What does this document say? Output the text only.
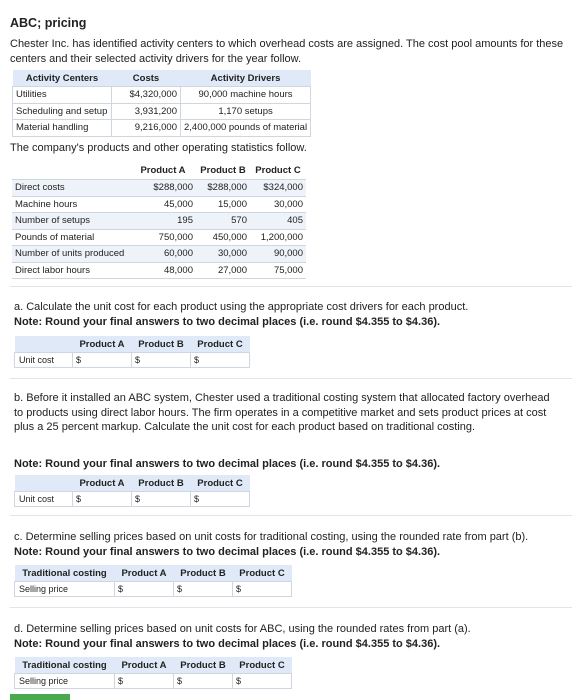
ABC; pricing
Chester Inc. has identified activity centers to which overhead costs are assigned. The cost pool amounts for these centers and their selected activity drivers for the year follow.
Activity Centers	Costs	Activity Drivers
Utilities	$4,320,000	90,000 machine hours
Scheduling and setup	3,931,200	1,170 setups
Material handling	9,216,000	2,400,000 pounds of material
The company's products and other operating statistics follow.
	Product A	Product B	Product C
Direct costs	$288,000	$288,000	$324,000
Machine hours	45,000	15,000	30,000
Number of setups	195	570	405
Pounds of material	750,000	450,000	1,200,000
Number of units produced	60,000	30,000	90,000
Direct labor hours	48,000	27,000	75,000
a. Calculate the unit cost for each product using the appropriate cost drivers for each product.
Note: Round your final answers to two decimal places (i.e. round $4.355 to $4.36).
	Product A	Product B	Product C
Unit cost	$	$	$
b. Before it installed an ABC system, Chester used a traditional costing system that allocated factory overhead to products using direct labor hours. The firm operates in a competitive market and sets product prices at cost plus a 25 percent markup. Calculate the unit cost for each product based on traditional costing.
Note: Round your final answers to two decimal places (i.e. round $4.355 to $4.36).
	Product A	Product B	Product C
Unit cost	$	$	$
c. Determine selling prices based on unit costs for traditional costing, using the rounded rate from part (b).
Note: Round your final answers to two decimal places (i.e. round $4.355 to $4.36).
Traditional costing	Product A	Product B	Product C
Selling price	$	$	$
d. Determine selling prices based on unit costs for ABC, using the rounded rates from part (a).
Note: Round your final answers to two decimal places (i.e. round $4.355 to $4.36).
Traditional costing	Product A	Product B	Product C
Selling price	$	$	$
